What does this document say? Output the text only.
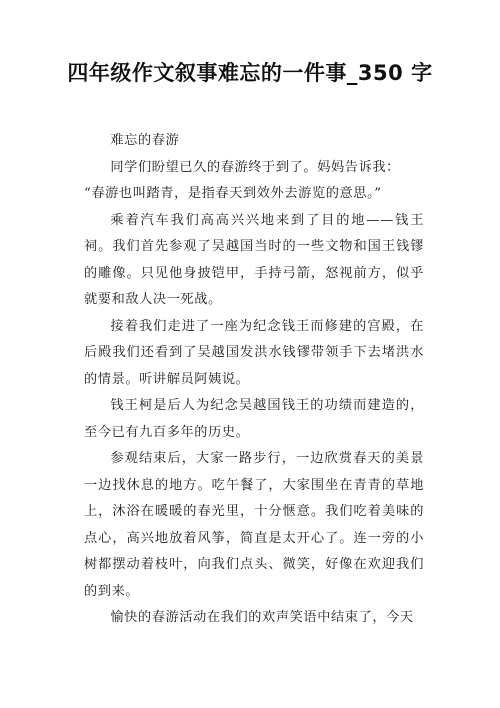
四年级作文叙事难忘的一件事_350 字

难忘的春游

同学们盼望已久的春游终于到了。妈妈告诉我：

“春游也叫踏青，是指春天到效外去游览的意思。”

乘着汽车我们高高兴兴地来到了目的地——钱王祠。我们首先参观了吴越国当时的一些文物和国王钱镠的雕像。只见他身披铠甲，手持弓箭，怒视前方，似乎就要和敌人决一死战。

接着我们走进了一座为纪念钱王而修建的宫殿，在后殿我们还看到了吴越国发洪水钱镠带领手下去堵洪水的情景。听讲解员阿姨说。

钱王柯是后人为纪念吴越国钱王的功绩而建造的，至今已有九百多年的历史。

参观结束后，大家一路步行，一边欣赏春天的美景一边找休息的地方。吃午餐了，大家围坐在青青的草地上，沐浴在暖暖的春光里，十分惬意。我们吃着美味的点心，高兴地放着风筝，简直是太开心了。连一旁的小树都摆动着枝叶，向我们点头、微笑，好像在欢迎我们的到来。

愉快的春游活动在我们的欢声笑语中结束了，今天
